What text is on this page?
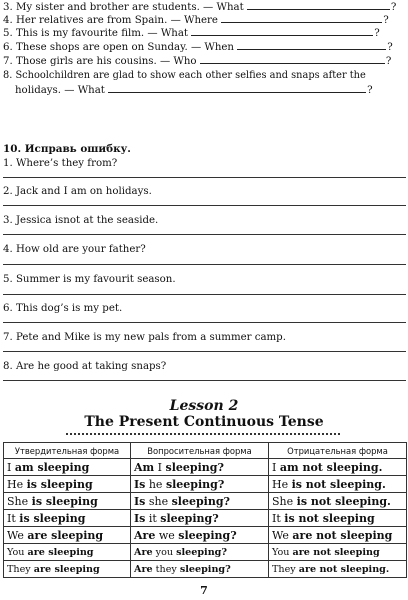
3. My sister and brother are students. — What	?
4. Her relatives are from Spain. — Where	?
5. This is my favourite film. — What	?
6. These shops are open on Sunday. — When	?
7. Those girls are his cousins. — Who	?
8. Schoolchildren are glad to show each other selfies and snaps after the
holidays. — What	?
10. Исправь ошибку.
1. Where’s they from?
2. Jack and I am on holidays.
3. Jessica isnot at the seaside.
4. How old are your father?
5. Summer is my favourit season.
6. This dog’s is my pet.
7. Pete and Mike is my new pals from a summer camp.
8. Are he good at taking snaps?
Lesson 2
The Present Continuous Tense
Утвердительная форма	Вопросительная форма	Отрицательная форма
I am sleeping	Am I sleeping?	I am not sleeping.
He is sleeping	Is he sleeping?	He is not sleeping.
She is sleeping	Is she sleeping?	She is not sleeping.
It is sleeping	Is it sleeping?	It is not sleeping
We are sleeping	Are we sleeping?	We are not sleeping
You are sleeping	Are you sleeping?	You are not sleeping
They are sleeping	Are they sleeping?	They are not sleeping.
7
